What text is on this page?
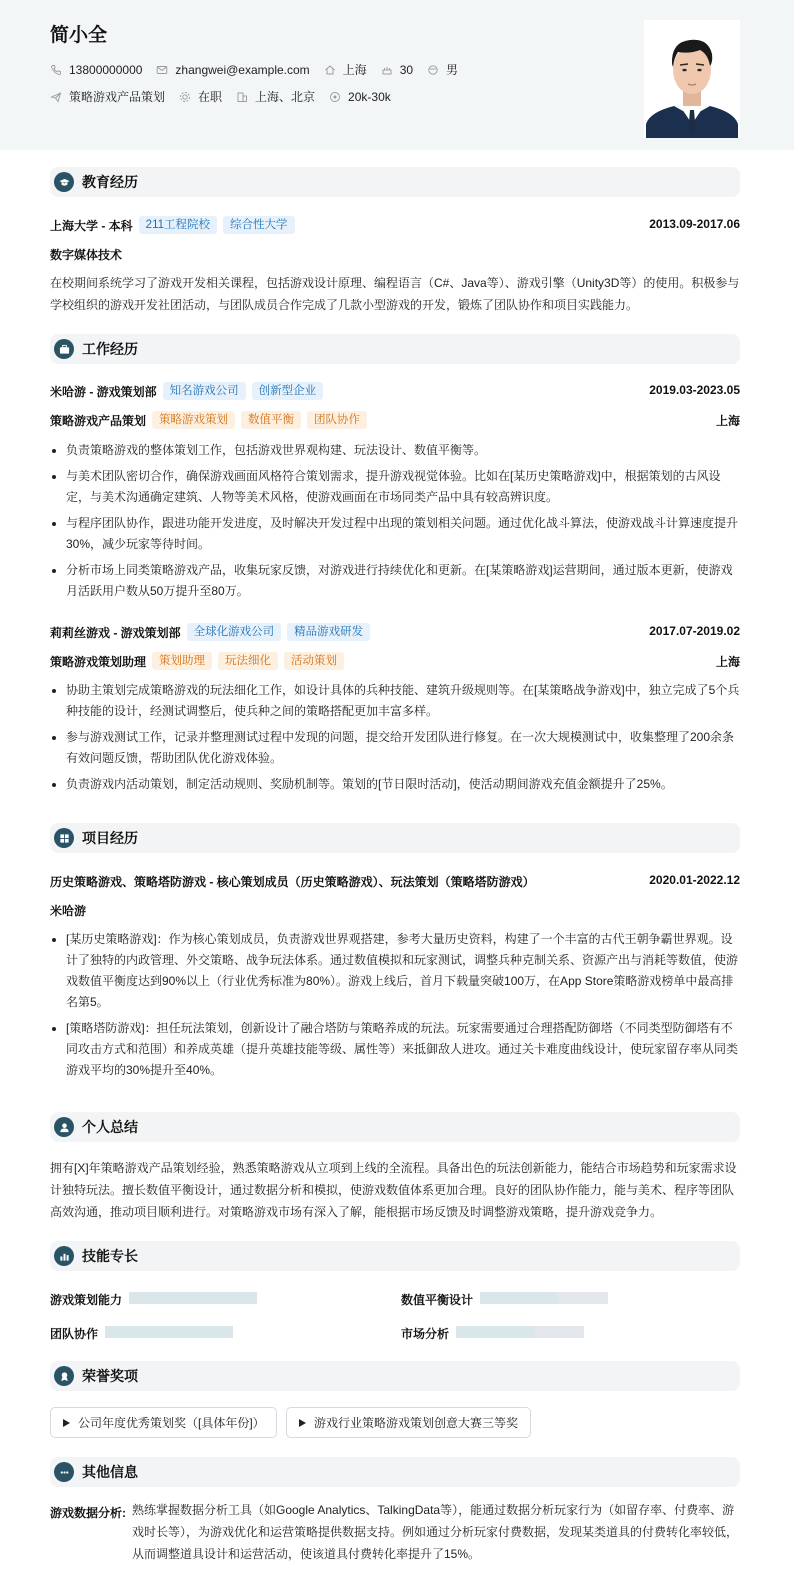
简小全
13800000000	zhangwei@example.com	上海	30	男
策略游戏产品策划	在职	上海、北京	20k-30k
教育经历
上海大学 - 本科	211工程院校	综合性大学	2013.09-2017.06
数字媒体技术
在校期间系统学习了游戏开发相关课程，包括游戏设计原理、编程语言（C#、Java等）、游戏引擎（Unity3D等）的使用。积极参与学校组织的游戏开发社团活动，与团队成员合作完成了几款小型游戏的开发，锻炼了团队协作和项目实践能力。
工作经历
米哈游 - 游戏策划部	知名游戏公司	创新型企业	2019.03-2023.05
策略游戏产品策划	策略游戏策划	数值平衡	团队协作	上海
负责策略游戏的整体策划工作，包括游戏世界观构建、玩法设计、数值平衡等。
与美术团队密切合作，确保游戏画面风格符合策划需求，提升游戏视觉体验。比如在[某历史策略游戏]中，根据策划的古风设定，与美术沟通确定建筑、人物等美术风格，使游戏画面在市场同类产品中具有较高辨识度。
与程序团队协作，跟进功能开发进度，及时解决开发过程中出现的策划相关问题。通过优化战斗算法，使游戏战斗计算速度提升30%，减少玩家等待时间。
分析市场上同类策略游戏产品，收集玩家反馈，对游戏进行持续优化和更新。在[某策略游戏]运营期间，通过版本更新，使游戏月活跃用户数从50万提升至80万。
莉莉丝游戏 - 游戏策划部	全球化游戏公司	精品游戏研发	2017.07-2019.02
策略游戏策划助理	策划助理	玩法细化	活动策划	上海
协助主策划完成策略游戏的玩法细化工作，如设计具体的兵种技能、建筑升级规则等。在[某策略战争游戏]中，独立完成了5个兵种技能的设计，经测试调整后，使兵种之间的策略搭配更加丰富多样。
参与游戏测试工作，记录并整理测试过程中发现的问题，提交给开发团队进行修复。在一次大规模测试中，收集整理了200余条有效问题反馈，帮助团队优化游戏体验。
负责游戏内活动策划，制定活动规则、奖励机制等。策划的[节日限时活动]，使活动期间游戏充值金额提升了25%。
项目经历
历史策略游戏、策略塔防游戏 - 核心策划成员（历史策略游戏）、玩法策划（策略塔防游戏）	2020.01-2022.12
米哈游
[某历史策略游戏]：作为核心策划成员，负责游戏世界观搭建，参考大量历史资料，构建了一个丰富的古代王朝争霸世界观。设计了独特的内政管理、外交策略、战争玩法体系。通过数值模拟和玩家测试，调整兵种克制关系、资源产出与消耗等数值，使游戏数值平衡度达到90%以上（行业优秀标准为80%）。游戏上线后，首月下载量突破100万，在App Store策略游戏榜单中最高排名第5。
[策略塔防游戏]：担任玩法策划，创新设计了融合塔防与策略养成的玩法。玩家需要通过合理搭配防御塔（不同类型防御塔有不同攻击方式和范围）和养成英雄（提升英雄技能等级、属性等）来抵御敌人进攻。通过关卡难度曲线设计，使玩家留存率从同类游戏平均的30%提升至40%。
个人总结
拥有[X]年策略游戏产品策划经验，熟悉策略游戏从立项到上线的全流程。具备出色的玩法创新能力，能结合市场趋势和玩家需求设计独特玩法。擅长数值平衡设计，通过数据分析和模拟，使游戏数值体系更加合理。良好的团队协作能力，能与美术、程序等团队高效沟通，推动项目顺利进行。对策略游戏市场有深入了解，能根据市场反馈及时调整游戏策略，提升游戏竞争力。
技能专长
游戏策划能力	数值平衡设计
团队协作	市场分析
荣誉奖项
公司年度优秀策划奖（[具体年份]）	游戏行业策略游戏策划创意大赛三等奖
其他信息
游戏数据分析: 熟练掌握数据分析工具（如Google Analytics、TalkingData等），能通过数据分析玩家行为（如留存率、付费率、游戏时长等），为游戏优化和运营策略提供数据支持。例如通过分析玩家付费数据，发现某类道具的付费转化率较低，从而调整道具设计和运营活动，使该道具付费转化率提升了15%。
